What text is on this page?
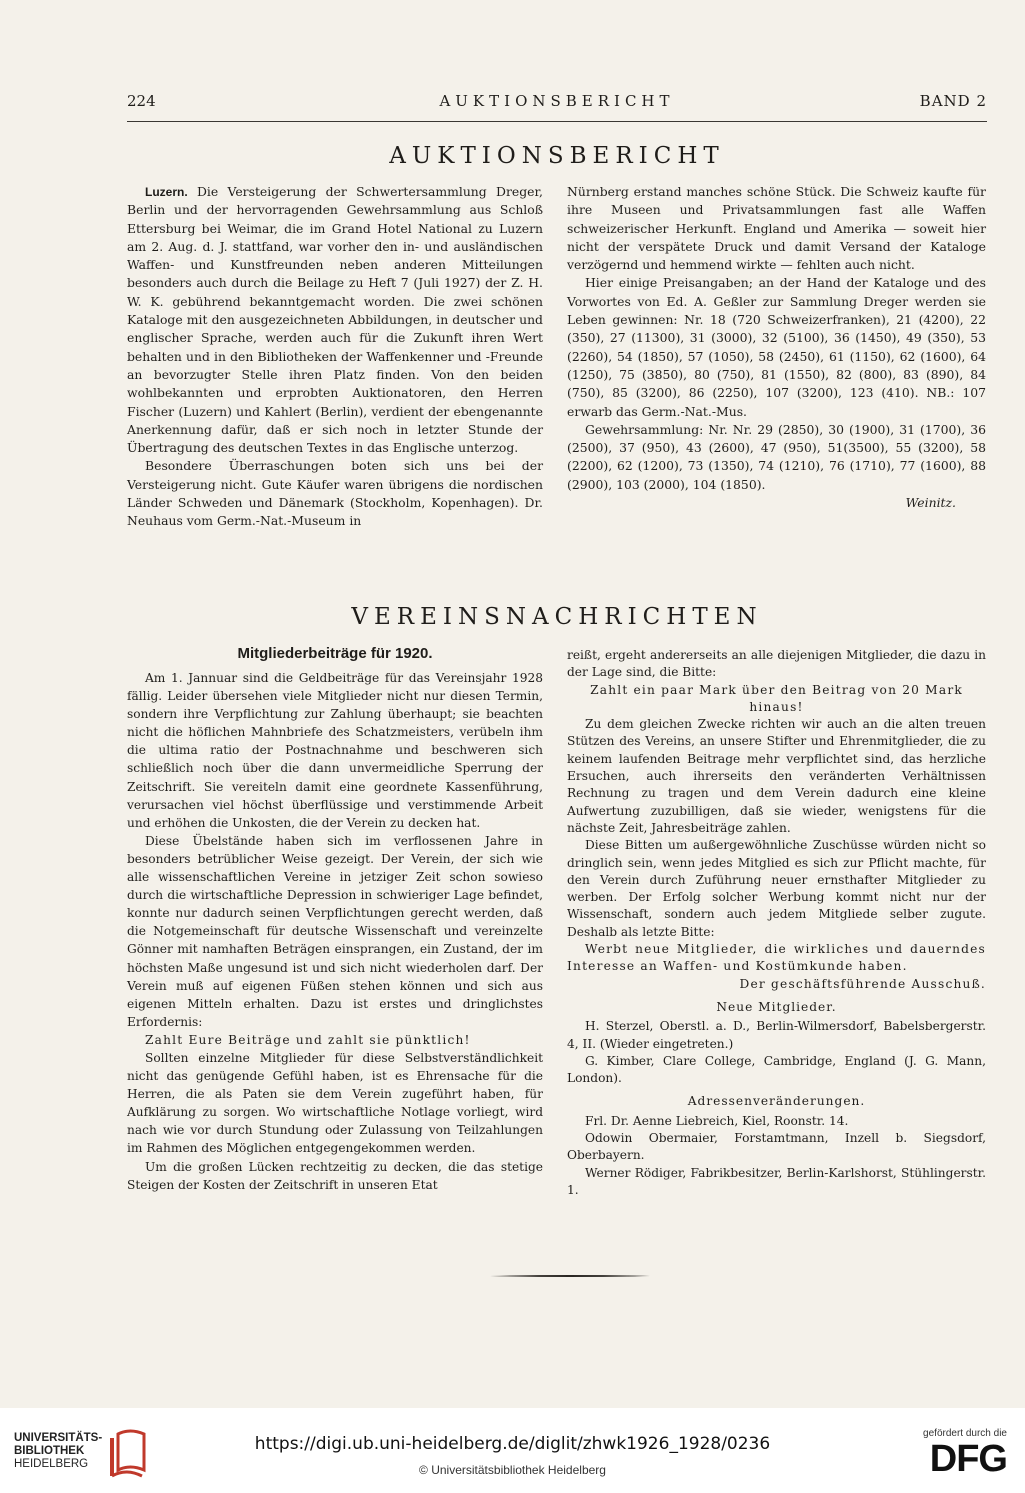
224	AUKTIONSBERICHT	BAND 2
AUKTIONSBERICHT

Luzern. Die Versteigerung der Schwertersammlung Dreger, Berlin und der hervorragenden Gewehrsammlung aus Schloß Ettersburg bei Weimar, die im Grand Hotel National zu Luzern am 2. Aug. d. J. stattfand, war vorher den in- und ausländischen Waffen- und Kunstfreunden neben anderen Mitteilungen besonders auch durch die Beilage zu Heft 7 (Juli 1927) der Z. H. W. K. gebührend bekanntgemacht worden. Die zwei schönen Kataloge mit den ausgezeichneten Abbildungen, in deutscher und englischer Sprache, werden auch für die Zukunft ihren Wert behalten und in den Bibliotheken der Waffenkenner und -Freunde an bevorzugter Stelle ihren Platz finden. Von den beiden wohlbekannten und erprobten Auktionatoren, den Herren Fischer (Luzern) und Kahlert (Berlin), verdient der ebengenannte Anerkennung dafür, daß er sich noch in letzter Stunde der Übertragung des deutschen Textes in das Englische unterzog.

Besondere Überraschungen boten sich uns bei der Versteigerung nicht. Gute Käufer waren übrigens die nordischen Länder Schweden und Dänemark (Stockholm, Kopenhagen). Dr. Neuhaus vom Germ.-Nat.-Museum in

Nürnberg erstand manches schöne Stück. Die Schweiz kaufte für ihre Museen und Privatsammlungen fast alle Waffen schweizerischer Herkunft. England und Amerika — soweit hier nicht der verspätete Druck und damit Versand der Kataloge verzögernd und hemmend wirkte — fehlten auch nicht.

Hier einige Preisangaben; an der Hand der Kataloge und des Vorwortes von Ed. A. Geßler zur Sammlung Dreger werden sie Leben gewinnen: Nr. 18 (720 Schweizerfranken), 21 (4200), 22 (350), 27 (11300), 31 (3000), 32 (5100), 36 (1450), 49 (350), 53 (2260), 54 (1850), 57 (1050), 58 (2450), 61 (1150), 62 (1600), 64 (1250), 75 (3850), 80 (750), 81 (1550), 82 (800), 83 (890), 84 (750), 85 (3200), 86 (2250), 107 (3200), 123 (410). NB.: 107 erwarb das Germ.-Nat.-Mus.

Gewehrsammlung: Nr. Nr. 29 (2850), 30 (1900), 31 (1700), 36 (2500), 37 (950), 43 (2600), 47 (950), 51(3500), 55 (3200), 58 (2200), 62 (1200), 73 (1350), 74 (1210), 76 (1710), 77 (1600), 88 (2900), 103 (2000), 104 (1850).

Weinitz.

VEREINSNACHRICHTEN
Mitgliederbeiträge für 1920.

Am 1. Jannuar sind die Geldbeiträge für das Vereinsjahr 1928 fällig. Leider übersehen viele Mitglieder nicht nur diesen Termin, sondern ihre Verpflichtung zur Zahlung überhaupt; sie beachten nicht die höflichen Mahnbriefe des Schatzmeisters, verübeln ihm die ultima ratio der Postnachnahme und beschweren sich schließlich noch über die dann unvermeidliche Sperrung der Zeitschrift. Sie vereiteln damit eine geordnete Kassenführung, verursachen viel höchst überflüssige und verstimmende Arbeit und erhöhen die Unkosten, die der Verein zu decken hat.

Diese Übelstände haben sich im verflossenen Jahre in besonders betrüblicher Weise gezeigt. Der Verein, der sich wie alle wissenschaftlichen Vereine in jetziger Zeit schon sowieso durch die wirtschaftliche Depression in schwieriger Lage befindet, konnte nur dadurch seinen Verpflichtungen gerecht werden, daß die Notgemeinschaft für deutsche Wissenschaft und vereinzelte Gönner mit namhaften Beträgen einsprangen, ein Zustand, der im höchsten Maße ungesund ist und sich nicht wiederholen darf. Der Verein muß auf eigenen Füßen stehen können und sich aus eigenen Mitteln erhalten. Dazu ist erstes und dringlichstes Erfordernis:

Zahlt Eure Beiträge und zahlt sie pünktlich!

Sollten einzelne Mitglieder für diese Selbstverständlichkeit nicht das genügende Gefühl haben, ist es Ehrensache für die Herren, die als Paten sie dem Verein zugeführt haben, für Aufklärung zu sorgen. Wo wirtschaftliche Notlage vorliegt, wird nach wie vor durch Stundung oder Zulassung von Teilzahlungen im Rahmen des Möglichen entgegengekommen werden.

Um die großen Lücken rechtzeitig zu decken, die das stetige Steigen der Kosten der Zeitschrift in unseren Etat

reißt, ergeht andererseits an alle diejenigen Mitglieder, die dazu in der Lage sind, die Bitte:

Zahlt ein paar Mark über den Beitrag von 20 Mark hinaus!

Zu dem gleichen Zwecke richten wir auch an die alten treuen Stützen des Vereins, an unsere Stifter und Ehrenmitglieder, die zu keinem laufenden Beitrage mehr verpflichtet sind, das herzliche Ersuchen, auch ihrerseits den veränderten Verhältnissen Rechnung zu tragen und dem Verein dadurch eine kleine Aufwertung zuzubilligen, daß sie wieder, wenigstens für die nächste Zeit, Jahresbeiträge zahlen.

Diese Bitten um außergewöhnliche Zuschüsse würden nicht so dringlich sein, wenn jedes Mitglied es sich zur Pflicht machte, für den Verein durch Zuführung neuer ernsthafter Mitglieder zu werben. Der Erfolg solcher Werbung kommt nicht nur der Wissenschaft, sondern auch jedem Mitgliede selber zugute. Deshalb als letzte Bitte:

Werbt neue Mitglieder, die wirkliches und dauerndes Interesse an Waffen- und Kostümkunde haben.

Der geschäftsführende Ausschuß.

Neue Mitglieder.

H. Sterzel, Oberstl. a. D., Berlin-Wilmersdorf, Babelsbergerstr. 4, II. (Wieder eingetreten.)

G. Kimber, Clare College, Cambridge, England (J. G. Mann, London).

Adressenveränderungen.

Frl. Dr. Aenne Liebreich, Kiel, Roonstr. 14.

Odowin Obermaier, Forstamtmann, Inzell b. Siegsdorf, Oberbayern.

Werner Rödiger, Fabrikbesitzer, Berlin-Karlshorst, Stühlingerstr. 1.

UNIVERSITÄTS-
BIBLIOTHEK
HEIDELBERG
https://digi.ub.uni-heidelberg.de/diglit/zhwk1926_1928/0236
© Universitätsbibliothek Heidelberg
gefördert durch die
DFG
